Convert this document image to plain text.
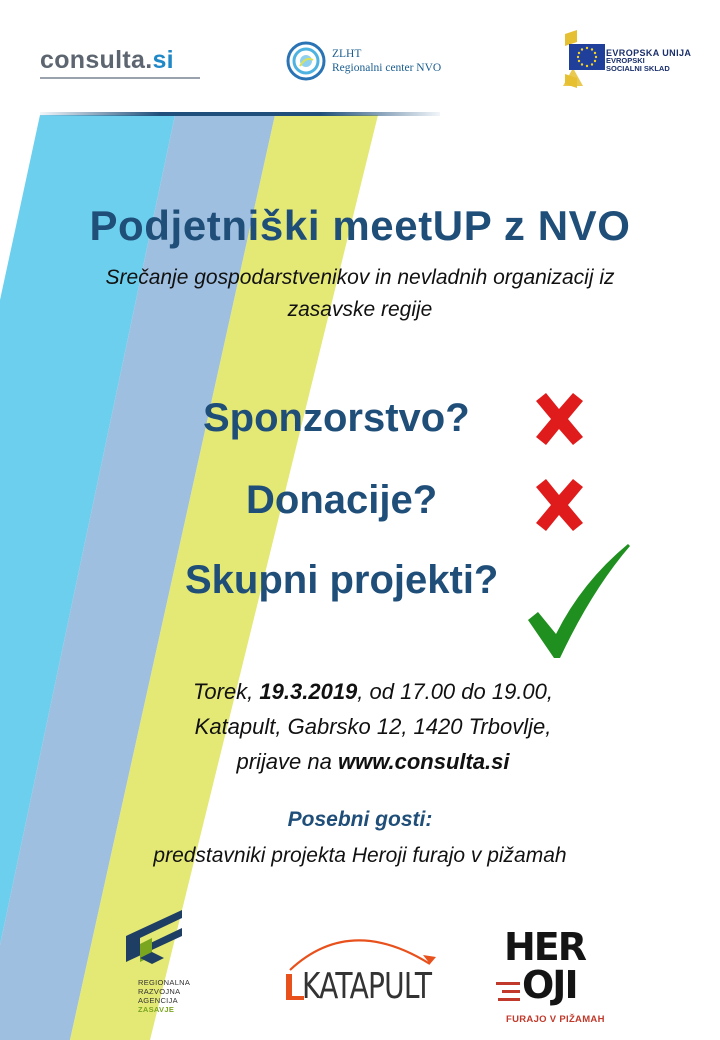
consulta.si	ZLHT
Regionalni center NVO
EVROPSKA UNIJA
EVROPSKI
SOCIALNI SKLAD
Podjetniški meetUP z NVO
Srečanje gospodarstvenikov in nevladnih organizacij iz
zasavske regije
Sponzorstvo?
Donacije?
Skupni projekti?
Torek, 19.3.2019, od 17.00 do 19.00,
Katapult, Gabrsko 12, 1420 Trbovlje,
prijave na www.consulta.si
Posebni gosti:
predstavniki projekta Heroji furajo v pižamah
REGIONALNA
RAZVOJNA
AGENCIJA
ZASAVJE
KATAPULT
HER
OJI
FURAJO V PIŽAMAH
